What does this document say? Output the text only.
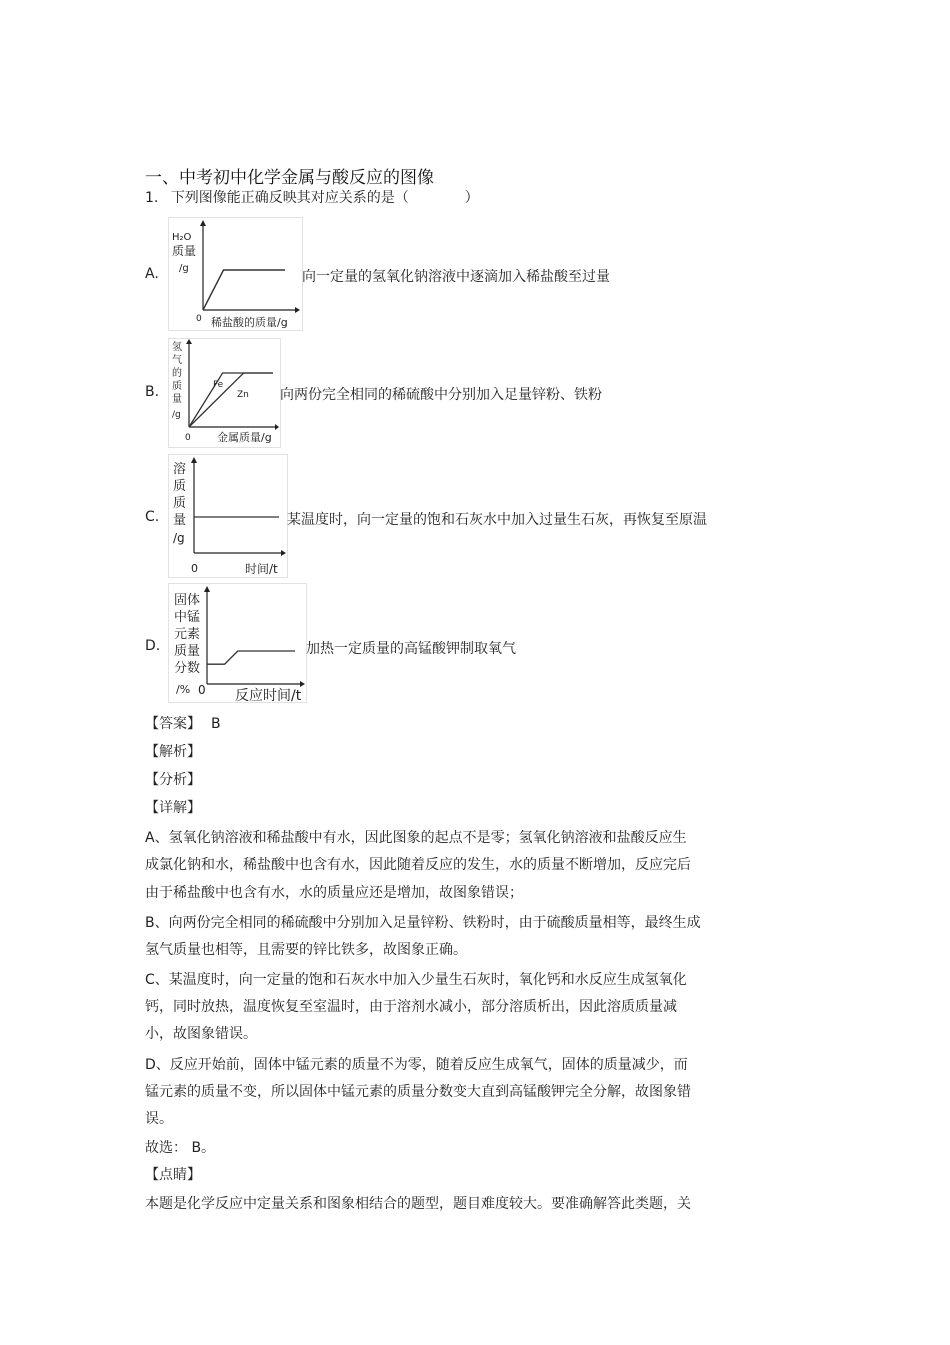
一、中考初中化学金属与酸反应的图像
1. 下列图像能正确反映其对应关系的是（　　　　）
A.
H₂O
质量
/g
0 稀盐酸的质量/g
向一定量的氢氧化钠溶液中逐滴加入稀盐酸至过量
B.	Fe
Zn
氢
气
的
质
量
/g
0 金属质量/g
向两份完全相同的稀硫酸中分别加入足量锌粉、铁粉
C.
溶
质
质
量
/g
0	时间/t
某温度时，向一定量的饱和石灰水中加入过量生石灰，再恢复至原温
D.
固体
中锰
元素
质量
分数
/% 0 反应时间/t
加热一定质量的高锰酸钾制取氧气
【答案】 B
【解析】
【分析】
【详解】
A、氢氧化钠溶液和稀盐酸中有水，因此图象的起点不是零；氢氧化钠溶液和盐酸反应生
成氯化钠和水，稀盐酸中也含有水，因此随着反应的发生，水的质量不断增加，反应完后
由于稀盐酸中也含有水，水的质量应还是增加，故图象错误；
B、向两份完全相同的稀硫酸中分别加入足量锌粉、铁粉时，由于硫酸质量相等，最终生成
氢气质量也相等，且需要的锌比铁多，故图象正确。
C、某温度时，向一定量的饱和石灰水中加入少量生石灰时，氧化钙和水反应生成氢氧化
钙，同时放热，温度恢复至室温时，由于溶剂水减小，部分溶质析出，因此溶质质量减
小，故图象错误。
D、反应开始前，固体中锰元素的质量不为零，随着反应生成氧气，固体的质量减少，而
锰元素的质量不变，所以固体中锰元素的质量分数变大直到高锰酸钾完全分解，故图象错
误。
故选： B。
【点睛】
本题是化学反应中定量关系和图象相结合的题型，题目难度较大。要准确解答此类题，关
